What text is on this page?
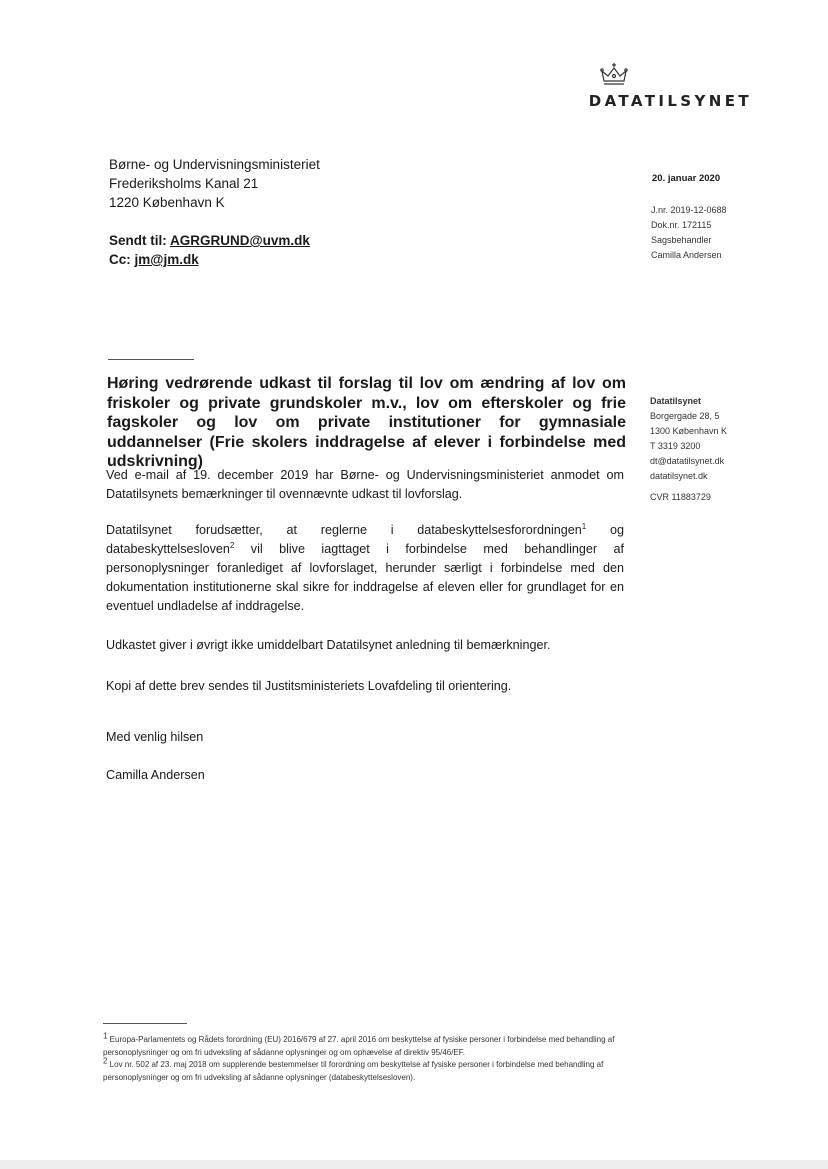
DATATILSYNET
Børne- og Undervisningsministeriet
Frederiksholms Kanal 21
1220 København K
Sendt til: AGRGRUND@uvm.dk
Cc: jm@jm.dk
20. januar 2020
J.nr. 2019-12-0688
Dok.nr. 172115
Sagsbehandler
Camilla Andersen
Høring vedrørende udkast til forslag til lov om ændring af lov om friskoler og private grundskoler m.v., lov om efterskoler og frie fagskoler og lov om private institutioner for gymnasiale uddannelser (Frie skolers inddragelse af elever i forbindelse med udskrivning)
Datatilsynet
Borgergade 28, 5
1300 København K
T 3319 3200
dt@datatilsynet.dk
datatilsynet.dk
CVR 11883729
Ved e-mail af 19. december 2019 har Børne- og Undervisningsministeriet anmodet om Datatilsynets bemærkninger til ovennævnte udkast til lovforslag.
Datatilsynet forudsætter, at reglerne i databeskyttelsesforordningen$^1$ og databeskyttelsesloven$^2$ vil blive iagttaget i forbindelse med behandlinger af personoplysninger foranlediget af lovforslaget, herunder særligt i forbindelse med den dokumentation institutionerne skal sikre for inddragelse af eleven eller for grundlaget for en eventuel undladelse af inddragelse.
Udkastet giver i øvrigt ikke umiddelbart Datatilsynet anledning til bemærkninger.
Kopi af dette brev sendes til Justitsministeriets Lovafdeling til orientering.
Med venlig hilsen
Camilla Andersen
$^1$ Europa-Parlamentets og Rådets forordning (EU) 2016/679 af 27. april 2016 om beskyttelse af fysiske personer i forbindelse med behandling af personoplysninger og om fri udveksling af sådanne oplysninger og om ophævelse af direktiv 95/46/EF.
$^2$ Lov nr. 502 af 23. maj 2018 om supplerende bestemmelser til forordning om beskyttelse af fysiske personer i forbindelse med behandling af personoplysninger og om fri udveksling af sådanne oplysninger (databeskyttelsesloven).
